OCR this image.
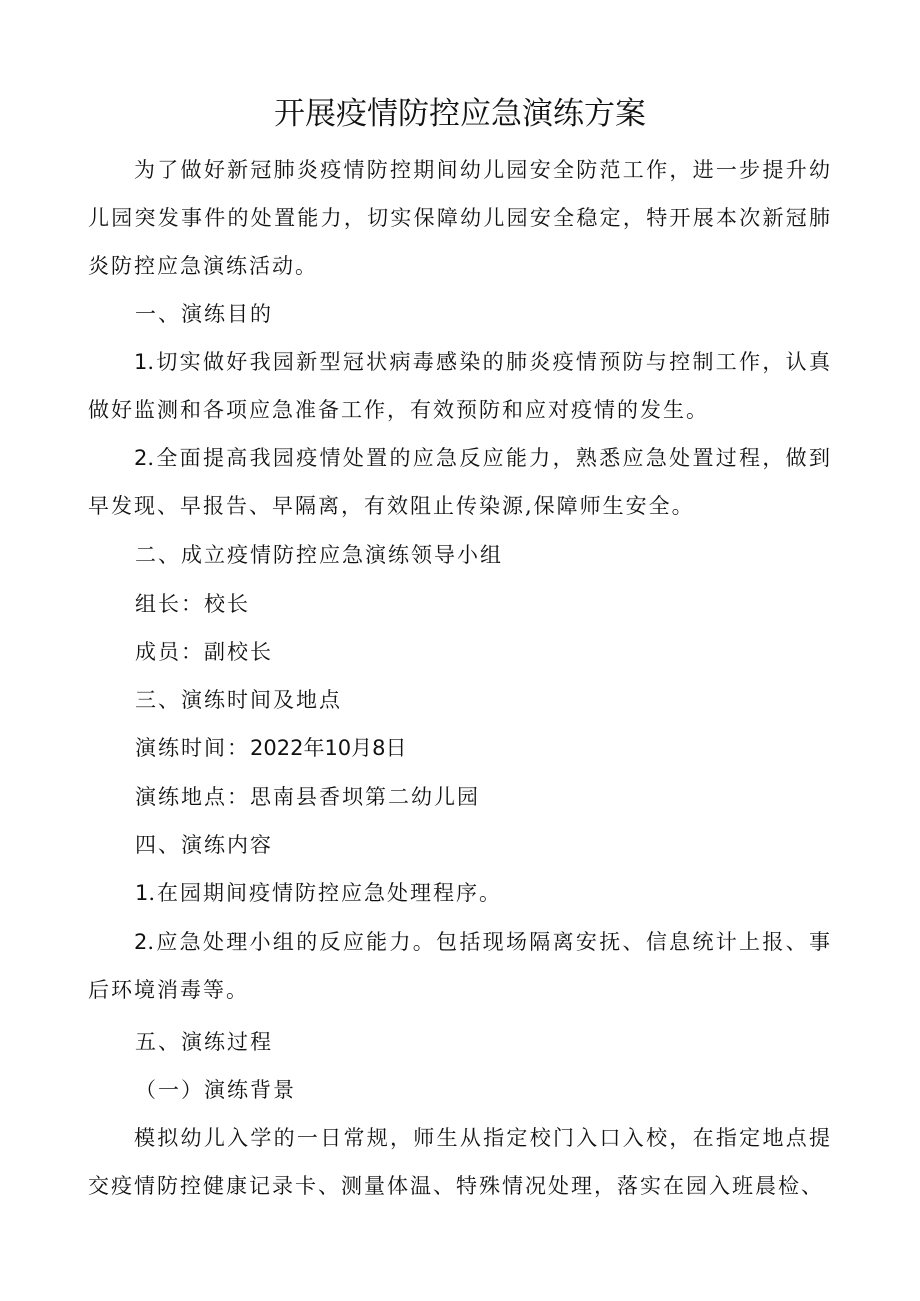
开展疫情防控应急演练方案

为了做好新冠肺炎疫情防控期间幼儿园安全防范工作，进一步提升幼儿园突发事件的处置能力，切实保障幼儿园安全稳定，特开展本次新冠肺炎防控应急演练活动。

一、演练目的

1.切实做好我园新型冠状病毒感染的肺炎疫情预防与控制工作，认真做好监测和各项应急准备工作，有效预防和应对疫情的发生。

2.全面提高我园疫情处置的应急反应能力，熟悉应急处置过程，做到早发现、早报告、早隔离，有效阻止传染源,保障师生安全。

二、成立疫情防控应急演练领导小组

组长：校长

成员：副校长

三、演练时间及地点

演练时间：2022年10月8日

演练地点：思南县香坝第二幼儿园

四、演练内容

1.在园期间疫情防控应急处理程序。

2.应急处理小组的反应能力。包括现场隔离安抚、信息统计上报、事后环境消毒等。

五、演练过程

（一）演练背景

模拟幼儿入学的一日常规，师生从指定校门入口入校，在指定地点提交疫情防控健康记录卡、测量体温、特殊情况处理，落实在园入班晨检、
